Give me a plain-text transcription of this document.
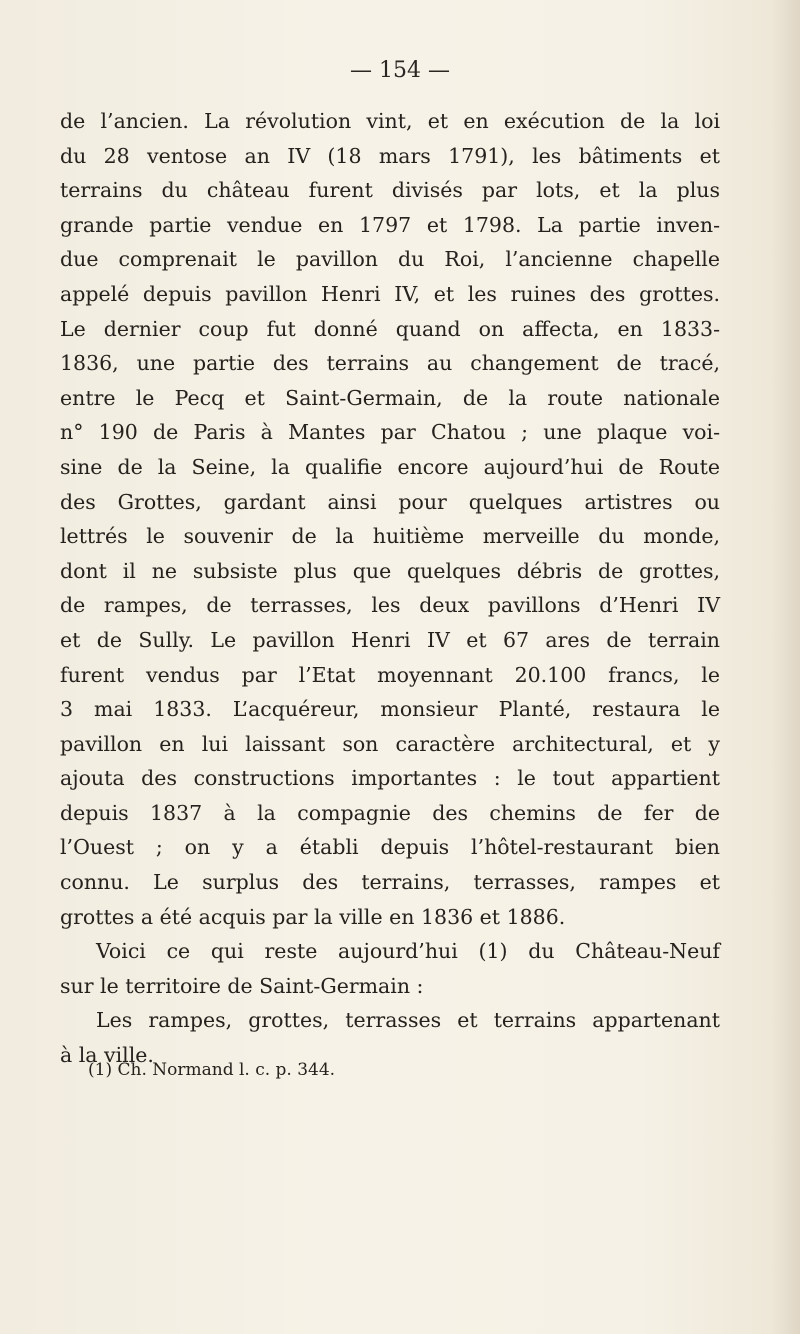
— 154 —
de l’ancien. La révolution vint, et en exécution de la loi
du 28 ventose an IV (18 mars 1791), les bâtiments et
terrains du château furent divisés par lots, et la plus
grande partie vendue en 1797 et 1798. La partie inven-
due comprenait le pavillon du Roi, l’ancienne chapelle
appelé depuis pavillon Henri IV, et les ruines des grottes.
Le dernier coup fut donné quand on affecta, en 1833-
1836, une partie des terrains au changement de tracé,
entre le Pecq et Saint-Germain, de la route nationale
n° 190 de Paris à Mantes par Chatou ; une plaque voi-
sine de la Seine, la qualifie encore aujourd’hui de Route
des Grottes, gardant ainsi pour quelques artistres ou
lettrés le souvenir de la huitième merveille du monde,
dont il ne subsiste plus que quelques débris de grottes,
de rampes, de terrasses, les deux pavillons d’Henri IV
et de Sully. Le pavillon Henri IV et 67 ares de terrain
furent vendus par l’Etat moyennant 20.100 francs, le
3 mai 1833. L’acquéreur, monsieur Planté, restaura le
pavillon en lui laissant son caractère architectural, et y
ajouta des constructions importantes : le tout appartient
depuis 1837 à la compagnie des chemins de fer de
l’Ouest ; on y a établi depuis l’hôtel-restaurant bien
connu. Le surplus des terrains, terrasses, rampes et
grottes a été acquis par la ville en 1836 et 1886.
Voici ce qui reste aujourd’hui (1) du Château-Neuf
sur le territoire de Saint-Germain :
Les rampes, grottes, terrasses et terrains appartenant
à la ville.
(1) Ch. Normand l. c. p. 344.
